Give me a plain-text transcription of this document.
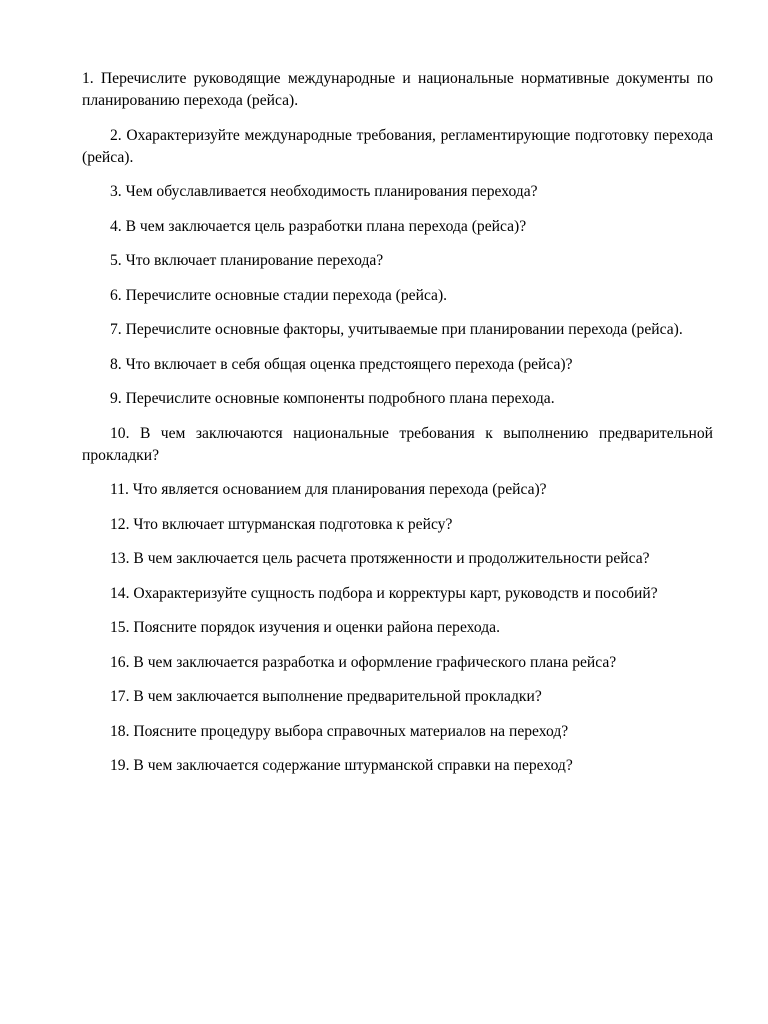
1. Перечислите руководящие международные и национальные нормативные документы по планированию перехода (рейса).

2. Охарактеризуйте международные требования, регламентирующие подготовку перехода (рейса).

3. Чем обуславливается необходимость планирования перехода?

4. В чем заключается цель разработки плана перехода (рейса)?

5. Что включает планирование перехода?

6. Перечислите основные стадии перехода (рейса).

7. Перечислите основные факторы, учитываемые при планировании перехода (рейса).

8. Что включает в себя общая оценка предстоящего перехода (рейса)?

9. Перечислите основные компоненты подробного плана перехода.

10. В чем заключаются национальные требования к выполнению предварительной прокладки?

11. Что является основанием для планирования перехода (рейса)?

12. Что включает штурманская подготовка к рейсу?

13. В чем заключается цель расчета протяженности и продолжительности рейса?

14. Охарактеризуйте сущность подбора и корректуры карт, руководств и пособий?

15. Поясните порядок изучения и оценки района перехода.

16. В чем заключается разработка и оформление графического плана рейса?

17. В чем заключается выполнение предварительной прокладки?

18. Поясните процедуру выбора справочных материалов на переход?

19. В чем заключается содержание штурманской справки на переход?
